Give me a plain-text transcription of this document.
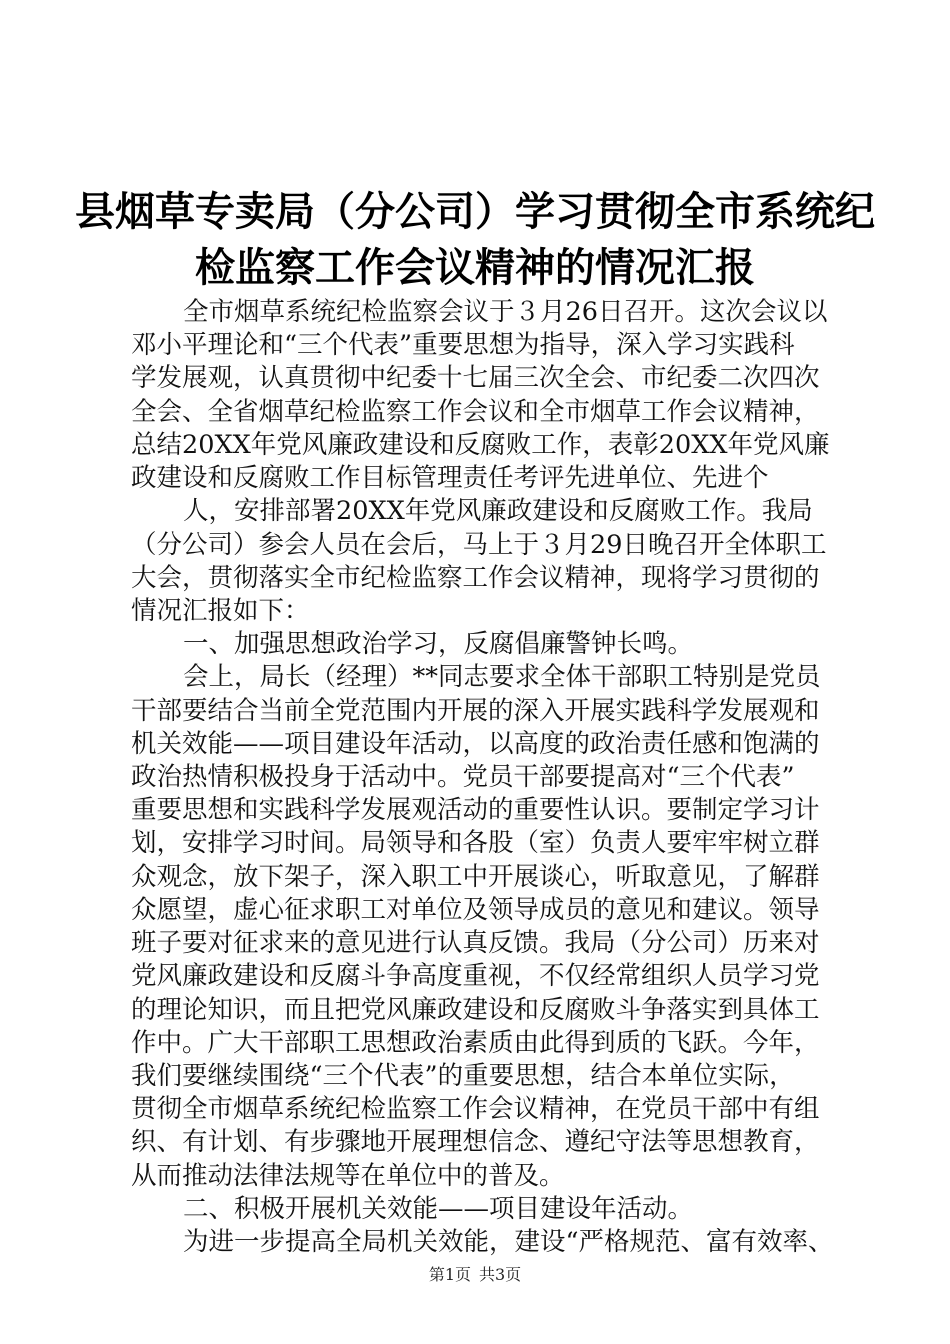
县烟草专卖局（分公司）学习贯彻全市系统纪
检监察工作会议精神的情况汇报
全市烟草系统纪检监察会议于３月26日召开。这次会议以
邓小平理论和“三个代表”重要思想为指导，深入学习实践科
学发展观，认真贯彻中纪委十七届三次全会、市纪委二次四次
全会、全省烟草纪检监察工作会议和全市烟草工作会议精神，
总结20XX年党风廉政建设和反腐败工作，表彰20XX年党风廉
政建设和反腐败工作目标管理责任考评先进单位、先进个
人，安排部署20XX年党风廉政建设和反腐败工作。我局
（分公司）参会人员在会后，马上于３月29日晚召开全体职工
大会，贯彻落实全市纪检监察工作会议精神，现将学习贯彻的
情况汇报如下：
一、加强思想政治学习，反腐倡廉警钟长鸣。
会上，局长（经理）**同志要求全体干部职工特别是党员
干部要结合当前全党范围内开展的深入开展实践科学发展观和
机关效能——项目建设年活动，以高度的政治责任感和饱满的
政治热情积极投身于活动中。党员干部要提高对“三个代表”
重要思想和实践科学发展观活动的重要性认识。要制定学习计
划，安排学习时间。局领导和各股（室）负责人要牢牢树立群
众观念，放下架子，深入职工中开展谈心，听取意见，了解群
众愿望，虚心征求职工对单位及领导成员的意见和建议。领导
班子要对征求来的意见进行认真反馈。我局（分公司）历来对
党风廉政建设和反腐斗争高度重视，不仅经常组织人员学习党
的理论知识，而且把党风廉政建设和反腐败斗争落实到具体工
作中。广大干部职工思想政治素质由此得到质的飞跃。今年，
我们要继续围绕“三个代表”的重要思想，结合本单位实际，
贯彻全市烟草系统纪检监察工作会议精神，在党员干部中有组
织、有计划、有步骤地开展理想信念、遵纪守法等思想教育，
从而推动法律法规等在单位中的普及。
二、积极开展机关效能——项目建设年活动。
第1页 共3页
为进一步提高全局机关效能，建设“严格规范、富有效率、
